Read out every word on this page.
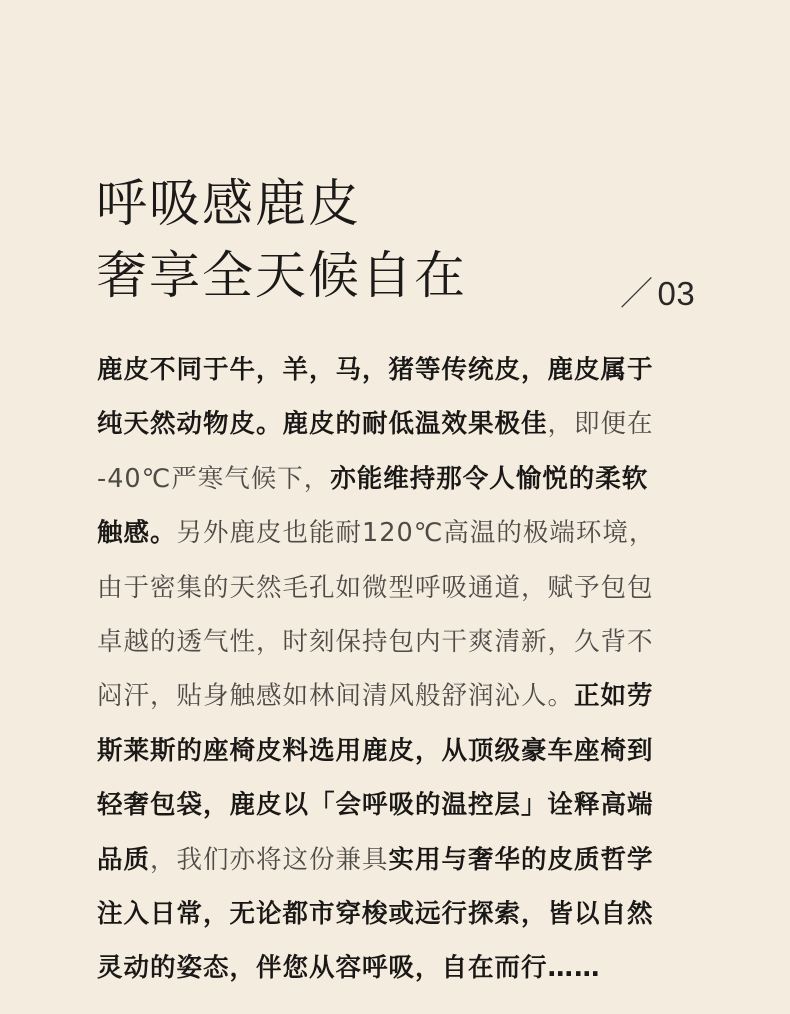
呼吸感鹿皮
奢享全天候自在	／ 03
鹿皮不同于牛，羊，马，猪等传统皮，鹿皮属于
纯天然动物皮。鹿皮的耐低温效果极佳，即便在
-40℃严寒气候下，亦能维持那令人愉悦的柔软
触感。另外鹿皮也能耐120℃高温的极端环境，
由于密集的天然毛孔如微型呼吸通道，赋予包包
卓越的透气性，时刻保持包内干爽清新，久背不
闷汗，贴身触感如林间清风般舒润沁人。正如劳
斯莱斯的座椅皮料选用鹿皮，从顶级豪车座椅到
轻奢包袋，鹿皮以「会呼吸的温控层」诠释高端
品质，我们亦将这份兼具实用与奢华的皮质哲学
注入日常，无论都市穿梭或远行探索，皆以自然
灵动的姿态，伴您从容呼吸，自在而行……
